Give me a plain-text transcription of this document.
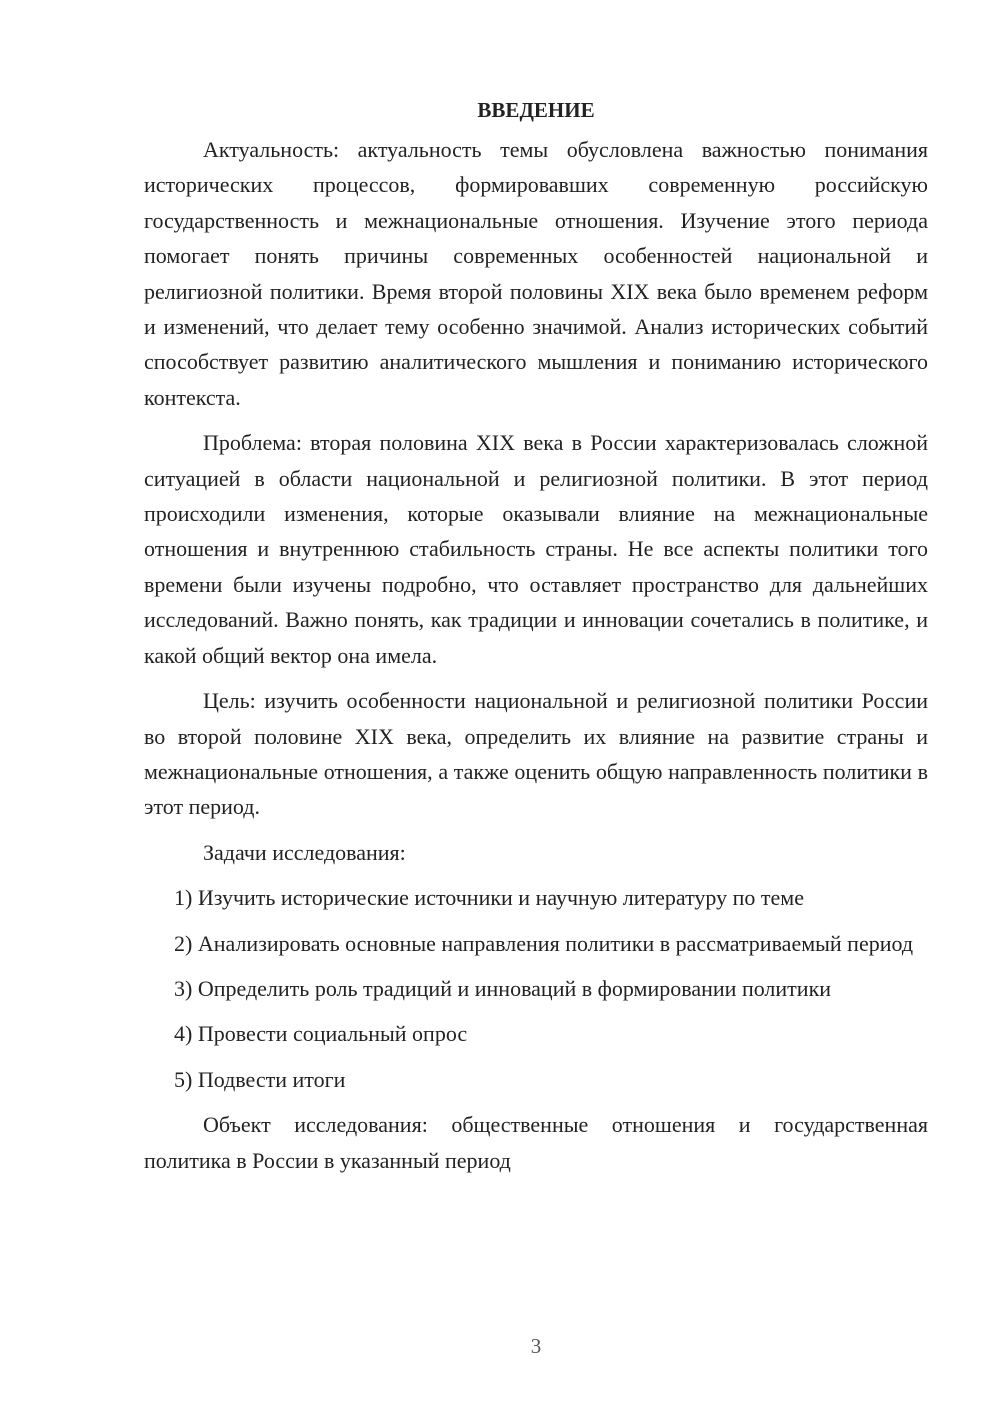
ВВЕДЕНИЕ

Актуальность: актуальность темы обусловлена важностью понимания исторических процессов, формировавших современную российскую государственность и межнациональные отношения. Изучение этого периода помогает понять причины современных особенностей национальной и религиозной политики. Время второй половины XIX века было временем реформ и изменений, что делает тему особенно значимой. Анализ исторических событий способствует развитию аналитического мышления и пониманию исторического контекста.

Проблема: вторая половина XIX века в России характеризовалась сложной ситуацией в области национальной и религиозной политики. В этот период происходили изменения, которые оказывали влияние на межнациональные отношения и внутреннюю стабильность страны. Не все аспекты политики того времени были изучены подробно, что оставляет пространство для дальнейших исследований. Важно понять, как традиции и инновации сочетались в политике, и какой общий вектор она имела.

Цель: изучить особенности национальной и религиозной политики России во второй половине XIX века, определить их влияние на развитие страны и межнациональные отношения, а также оценить общую направленность политики в этот период.

Задачи исследования:

1) Изучить исторические источники и научную литературу по теме

2) Анализировать основные направления политики в рассматриваемый период

3) Определить роль традиций и инноваций в формировании политики

4) Провести социальный опрос

5) Подвести итоги

Объект исследования: общественные отношения и государственная политика в России в указанный период

3
